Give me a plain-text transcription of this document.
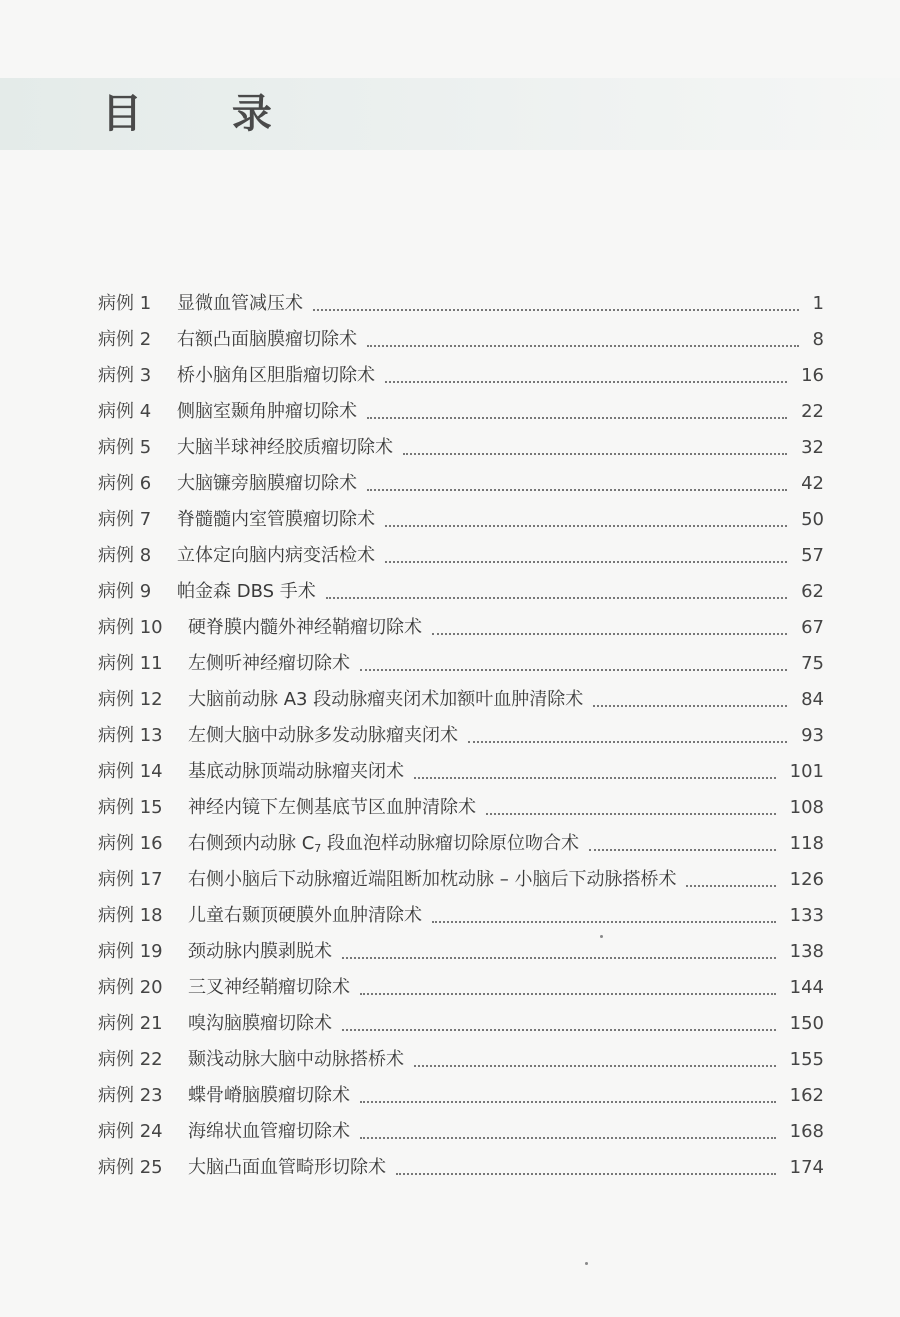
目 录
病例 1 显微血管减压术	1
病例 2 右额凸面脑膜瘤切除术	8
病例 3 桥小脑角区胆脂瘤切除术	16
病例 4 侧脑室颞角肿瘤切除术	22
病例 5 大脑半球神经胶质瘤切除术	32
病例 6 大脑镰旁脑膜瘤切除术	42
病例 7 脊髓髓内室管膜瘤切除术	50
病例 8 立体定向脑内病变活检术	57
病例 9 帕金森 DBS 手术	62
病例 10 硬脊膜内髓外神经鞘瘤切除术	67
病例 11 左侧听神经瘤切除术	75
病例 12 大脑前动脉 A3 段动脉瘤夹闭术加额叶血肿清除术	84
病例 13 左侧大脑中动脉多发动脉瘤夹闭术	93
病例 14 基底动脉顶端动脉瘤夹闭术	101
病例 15 神经内镜下左侧基底节区血肿清除术	108
病例 16 右侧颈内动脉 $C_7$ 段血泡样动脉瘤切除原位吻合术	118
病例 17 右侧小脑后下动脉瘤近端阻断加枕动脉 – 小脑后下动脉搭桥术	126
病例 18 儿童右颞顶硬膜外血肿清除术	133
病例 19 颈动脉内膜剥脱术	138
病例 20 三叉神经鞘瘤切除术	144
病例 21 嗅沟脑膜瘤切除术	150
病例 22 颞浅动脉大脑中动脉搭桥术	155
病例 23 蝶骨嵴脑膜瘤切除术	162
病例 24 海绵状血管瘤切除术	168
病例 25 大脑凸面血管畸形切除术	174
